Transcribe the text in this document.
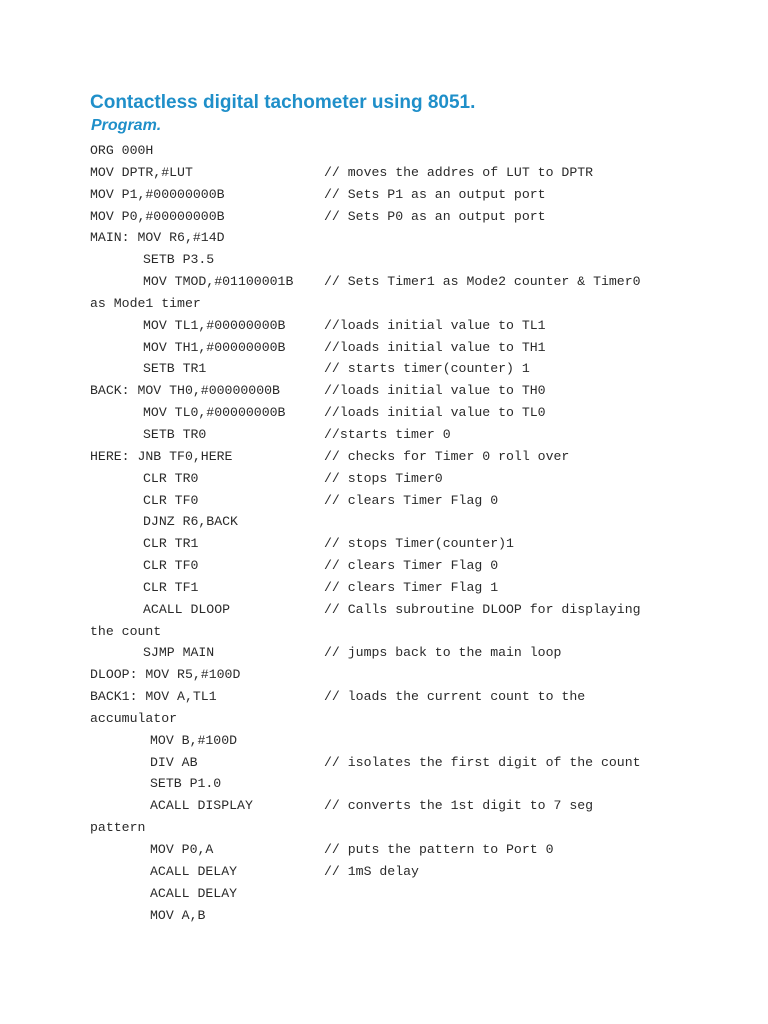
Contactless digital tachometer using 8051.
Program.
ORG 000H
MOV DPTR,#LUT	// moves the addres of LUT to DPTR
MOV P1,#00000000B	// Sets P1 as an output port
MOV P0,#00000000B	// Sets P0 as an output port
MAIN: MOV R6,#14D
SETB P3.5
MOV TMOD,#01100001B // Sets Timer1 as Mode2 counter & Timer0
as Mode1 timer
MOV TL1,#00000000B	//loads initial value to TL1
MOV TH1,#00000000B	//loads initial value to TH1
SETB TR1	// starts timer(counter) 1
BACK: MOV TH0,#00000000B	//loads initial value to TH0
MOV TL0,#00000000B	//loads initial value to TL0
SETB TR0	//starts timer 0
HERE: JNB TF0,HERE	// checks for Timer 0 roll over
CLR TR0	// stops Timer0
CLR TF0	// clears Timer Flag 0
DJNZ R6,BACK
CLR TR1	// stops Timer(counter)1
CLR TF0	// clears Timer Flag 0
CLR TF1	// clears Timer Flag 1
ACALL DLOOP	// Calls subroutine DLOOP for displaying
the count
SJMP MAIN	// jumps back to the main loop
DLOOP: MOV R5,#100D
BACK1: MOV A,TL1	// loads the current count to the
accumulator
MOV B,#100D
DIV AB	// isolates the first digit of the count
SETB P1.0
ACALL DISPLAY	// converts the 1st digit to 7 seg
pattern
MOV P0,A	// puts the pattern to Port 0
ACALL DELAY	// 1mS delay
ACALL DELAY
MOV A,B
